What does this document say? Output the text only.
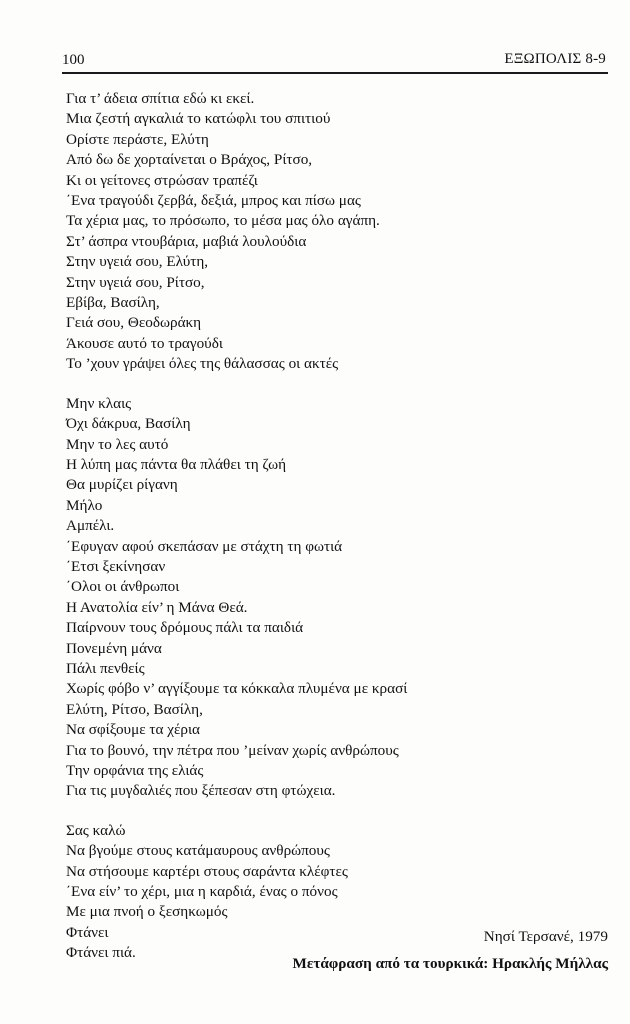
100	ΕΞΩΠΟΛΙΣ 8-9
Για τ’ άδεια σπίτια εδώ κι εκεί.
Μια ζεστή αγκαλιά το κατώφλι του σπιτιού
Ορίστε περάστε, Ελύτη
Από δω δε χορταίνεται ο Βράχος, Ρίτσο,
Κι οι γείτονες στρώσαν τραπέζι
΄Ενα τραγούδι ζερβά, δεξιά, μπρος και πίσω μας
Τα χέρια μας, το πρόσωπο, το μέσα μας όλο αγάπη.
Στ’ άσπρα ντουβάρια, μαβιά λουλούδια
Στην υγειά σου, Ελύτη,
Στην υγειά σου, Ρίτσο,
Εβίβα, Βασίλη,
Γειά σου, Θεοδωράκη
Άκουσε αυτό το τραγούδι
Το ’χουν γράψει όλες της θάλασσας οι ακτές
Μην κλαις
Όχι δάκρυα, Βασίλη
Μην το λες αυτό
Η λύπη μας πάντα θα πλάθει τη ζωή
Θα μυρίζει ρίγανη
Μήλο
Αμπέλι.
΄Εφυγαν αφού σκεπάσαν με στάχτη τη φωτιά
΄Ετσι ξεκίνησαν
΄Ολοι οι άνθρωποι
Η Ανατολία είν’ η Μάνα Θεά.
Παίρνουν τους δρόμους πάλι τα παιδιά
Πονεμένη μάνα
Πάλι πενθείς
Χωρίς φόβο ν’ αγγίξουμε τα κόκκαλα πλυμένα με κρασί
Ελύτη, Ρίτσο, Βασίλη,
Να σφίξουμε τα χέρια
Για το βουνό, την πέτρα που ’μείναν χωρίς ανθρώπους
Την ορφάνια της ελιάς
Για τις μυγδαλιές που ξέπεσαν στη φτώχεια.
Σας καλώ
Να βγούμε στους κατάμαυρους ανθρώπους
Να στήσουμε καρτέρι στους σαράντα κλέφτες
΄Ενα είν’ το χέρι, μια η καρδιά, ένας ο πόνος
Με μια πνοή ο ξεσηκωμός
Φτάνει
Φτάνει πιά.
Νησί Τερσανέ, 1979
Μετάφραση από τα τουρκικά: Ηρακλής Μήλλας
